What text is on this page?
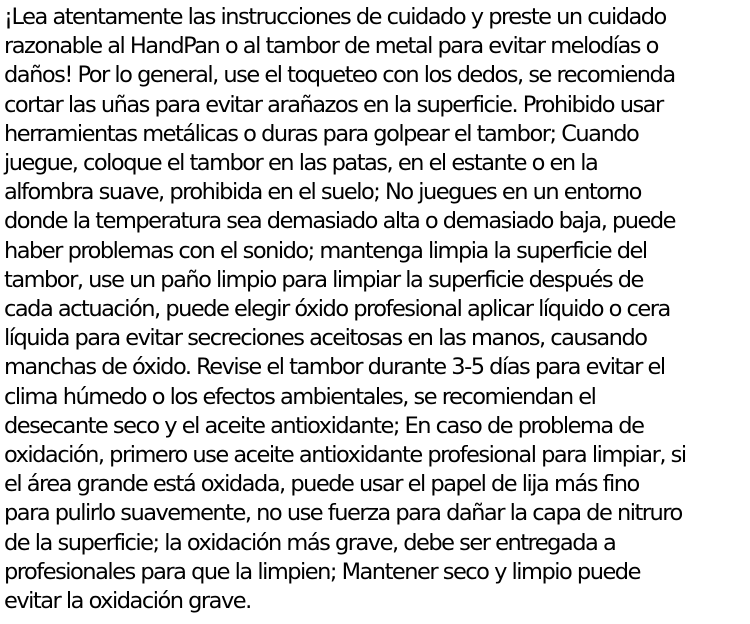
¡Lea atentamente las instrucciones de cuidado y preste un cuidado
razonable al HandPan o al tambor de metal para evitar melodías o
daños! Por lo general, use el toqueteo con los dedos, se recomienda
cortar las uñas para evitar arañazos en la superficie. Prohibido usar
herramientas metálicas o duras para golpear el tambor; Cuando
juegue, coloque el tambor en las patas, en el estante o en la
alfombra suave, prohibida en el suelo; No juegues en un entorno
donde la temperatura sea demasiado alta o demasiado baja, puede
haber problemas con el sonido; mantenga limpia la superficie del
tambor, use un paño limpio para limpiar la superficie después de
cada actuación, puede elegir óxido profesional aplicar líquido o cera
líquida para evitar secreciones aceitosas en las manos, causando
manchas de óxido. Revise el tambor durante 3-5 días para evitar el
clima húmedo o los efectos ambientales, se recomiendan el
desecante seco y el aceite antioxidante; En caso de problema de
oxidación, primero use aceite antioxidante profesional para limpiar, si
el área grande está oxidada, puede usar el papel de lija más fino
para pulirlo suavemente, no use fuerza para dañar la capa de nitruro
de la superficie; la oxidación más grave, debe ser entregada a
profesionales para que la limpien; Mantener seco y limpio puede
evitar la oxidación grave.
